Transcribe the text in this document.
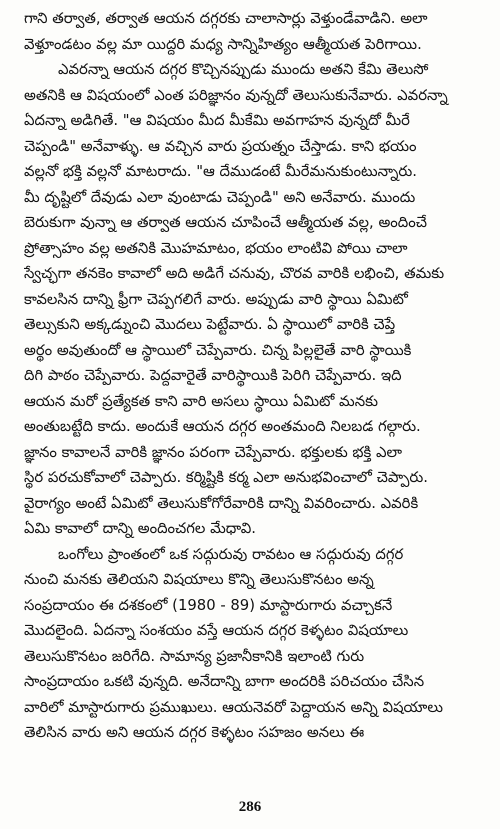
గాని తర్వాత, తర్వాత ఆయన దగ్గరకు చాలాసార్లు వెళ్తుండేవాడిని. అలా
వెళ్తూండటం వల్ల మా యిద్దరి మధ్య సాన్నిహిత్యం ఆత్మీయత పెరిగాయి.
ఎవరన్నా ఆయన దగ్గర కొచ్చినప్పుడు ముందు అతని కేమి తెలుసో
అతనికి ఆ విషయంలో ఎంత పరిజ్ఞానం వున్నదో తెలుసుకునేవారు. ఎవరన్నా
ఏదన్నా అడిగితే. "ఆ విషయం మీద మీకేమి అవగాహన వున్నదో మీరే
చెప్పండి" అనేవాళ్ళు. ఆ వచ్చిన వారు ప్రయత్నం చేస్తాడు. కాని భయం
వల్లనో భక్తి వల్లనో మాటరాదు. "ఆ దేముడంటే మీరేమనుకుంటున్నారు.
మీ దృష్టిలో దేవుడు ఎలా వుంటాడు చెప్పండి" అని అనేవారు. ముందు
బెరుకుగా వున్నా ఆ తర్వాత ఆయన చూపించే ఆత్మీయత వల్ల, అందించే
ప్రోత్సాహం వల్ల అతనికి మొహమాటం, భయం లాంటివి పోయి చాలా
స్వేచ్ఛగా తనకెం కావాలో అది అడిగే చనువు, చొరవ వారికి లభించి, తమకు
కావలసిన దాన్ని ఫ్రీగా చెప్పగలిగే వారు. అప్పుడు వారి స్థాయి ఏమిటో
తెల్సుకుని అక్కడ్నుంచి మొదలు పెట్టేవారు. ఏ స్థాయిలో వారికి చెప్తే
అర్థం అవుతుందో ఆ స్థాయిలో చెప్పేవారు. చిన్న పిల్లలైతే వారి స్థాయికి
దిగి పాఠం చెప్పేవారు. పెద్దవారైతే వారిస్థాయికి పెరిగి చెప్పేవారు. ఇది
ఆయన మరో ప్రత్యేకత కాని వారి అసలు స్థాయి ఏమిటో మనకు
అంతుబట్టేది కాదు. అందుకే ఆయన దగ్గర అంతమంది నిలబడ గల్గారు.
జ్ఞానం కావాలనే వారికి జ్ఞానం పరంగా చెప్పేవారు. భక్తులకు భక్తి ఎలా
స్థిర పరచుకోవాలో చెప్పారు. కర్మిష్టికి కర్మ ఎలా అనుభవించాలో చెప్పారు.
వైరాగ్యం అంటే ఏమిటో తెలుసుకోగోరేవారికి దాన్ని వివరించారు. ఎవరికి
ఏమి కావాలో దాన్ని అందించగల మేధావి.
ఒంగోలు ప్రాంతంలో ఒక సద్గురువు రావటం ఆ సద్గురువు దగ్గర
నుంచి మనకు తెలియని విషయాలు కొన్ని తెలుసుకొనటం అన్న
సంప్రదాయం ఈ దశకంలో (1980 - 89) మాస్టారుగారు వచ్చాకనే
మొదలైంది. ఏదన్నా సంశయం వస్తే ఆయన దగ్గర కెళ్ళటం విషయాలు
తెలుసుకొనటం జరిగేది. సామాన్య ప్రజానీకానికి ఇలాంటి గురు
సాంప్రదాయం ఒకటి వున్నది. అనేదాన్ని బాగా అందరికి పరిచయం చేసిన
వారిలో మాస్టారుగారు ప్రముఖులు. ఆయనెవరో పెద్దాయన అన్ని విషయాలు
తెలిసిన వారు అని ఆయన దగ్గర కెళ్ళటం సహజం అనలు ఈ
286
